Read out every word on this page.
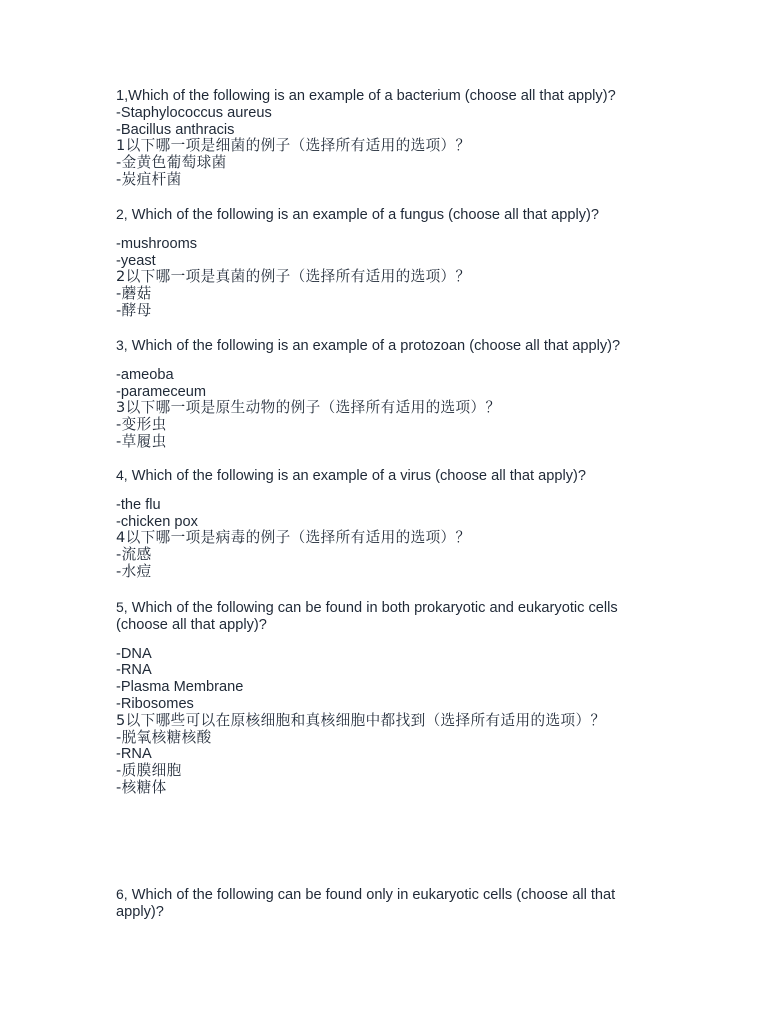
1,Which of the following is an example of a bacterium (choose all that apply)?
-Staphylococcus aureus
-Bacillus anthracis
1以下哪一项是细菌的例子（选择所有适用的选项）？
-金黄色葡萄球菌
-炭疽杆菌
2, Which of the following is an example of a fungus (choose all that apply)?
-mushrooms
-yeast
2以下哪一项是真菌的例子（选择所有适用的选项）？
-蘑菇
-酵母
3, Which of the following is an example of a protozoan (choose all that apply)?
-ameoba
-parameceum
3以下哪一项是原生动物的例子（选择所有适用的选项）？
-变形虫
-草履虫
4, Which of the following is an example of a virus (choose all that apply)?
-the flu
-chicken pox
4以下哪一项是病毒的例子（选择所有适用的选项）？
-流感
-水痘
5, Which of the following can be found in both prokaryotic and eukaryotic cells (choose all that apply)?
-DNA
-RNA
-Plasma Membrane
-Ribosomes
5以下哪些可以在原核细胞和真核细胞中都找到（选择所有适用的选项）？
-脱氧核糖核酸
-RNA
-质膜细胞
-核糖体
6, Which of the following can be found only in eukaryotic cells (choose all that apply)?
